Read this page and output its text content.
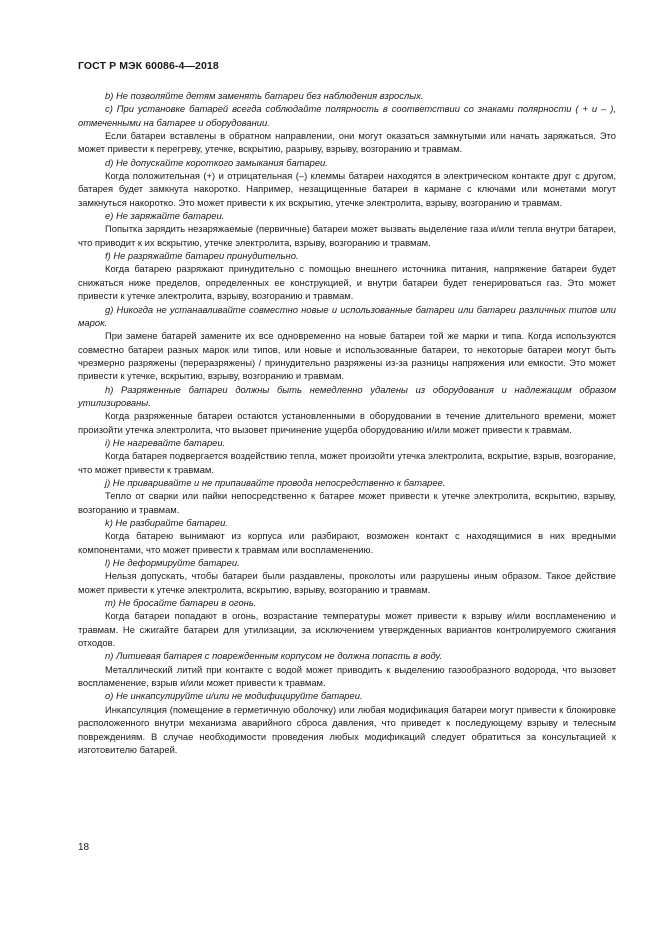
ГОСТ Р МЭК 60086-4—2018

b) Не позволяйте детям заменять батареи без наблюдения взрослых.

c) При установке батарей всегда соблюдайте полярность в соответствии со знаками полярности ( + и – ), отмеченными на батарее и оборудовании.

Если батареи вставлены в обратном направлении, они могут оказаться замкнутыми или начать заряжаться. Это может привести к перегреву, утечке, вскрытию, разрыву, взрыву, возгоранию и травмам.

d) Не допускайте короткого замыкания батареи.

Когда положительная (+) и отрицательная (–) клеммы батареи находятся в электрическом контакте друг с другом, батарея будет замкнута накоротко. Например, незащищенные батареи в кармане с ключами или монетами могут замкнуться накоротко. Это может привести к их вскрытию, утечке электролита, взрыву, возгоранию и травмам.

e) Не заряжайте батареи.

Попытка зарядить незаряжаемые (первичные) батареи может вызвать выделение газа и/или тепла внутри батареи, что приводит к их вскрытию, утечке электролита, взрыву, возгоранию и травмам.

f) Не разряжайте батареи принудительно.

Когда батарею разряжают принудительно с помощью внешнего источника питания, напряжение батареи будет снижаться ниже пределов, определенных ее конструкцией, и внутри батареи будет генерироваться газ. Это может привести к утечке электролита, взрыву, возгоранию и травмам.

g) Никогда не устанавливайте совместно новые и использованные батареи или батареи различных типов или марок.

При замене батарей замените их все одновременно на новые батареи той же марки и типа. Когда используются совместно батареи разных марок или типов, или новые и использованные батареи, то некоторые батареи могут быть чрезмерно разряжены (переразряжены) / принудительно разряжены из-за разницы напряжения или емкости. Это может привести к утечке, вскрытию, взрыву, возгоранию и травмам.

h) Разряженные батареи должны быть немедленно удалены из оборудования и надлежащим образом утилизированы.

Когда разряженные батареи остаются установленными в оборудовании в течение длительного времени, может произойти утечка электролита, что вызовет причинение ущерба оборудованию и/или может привести к травмам.

i) Не нагревайте батареи.

Когда батарея подвергается воздействию тепла, может произойти утечка электролита, вскрытие, взрыв, возгорание, что может привести к травмам.

j) Не приваривайте и не припаивайте провода непосредственно к батарее.

Тепло от сварки или пайки непосредственно к батарее может привести к утечке электролита, вскрытию, взрыву, возгоранию и травмам.

k) Не разбирайте батареи.

Когда батарею вынимают из корпуса или разбирают, возможен контакт с находящимися в них вредными компонентами, что может привести к травмам или воспламенению.

l) Не деформируйте батареи.

Нельзя допускать, чтобы батареи были раздавлены, проколоты или разрушены иным образом. Такое действие может привести к утечке электролита, вскрытию, взрыву, возгоранию и травмам.

m) Не бросайте батареи в огонь.

Когда батареи попадают в огонь, возрастание температуры может привести к взрыву и/или воспламенению и травмам. Не сжигайте батареи для утилизации, за исключением утвержденных вариантов контролируемого сжигания отходов.

n) Литиевая батарея с поврежденным корпусом не должна попасть в воду.

Металлический литий при контакте с водой может приводить к выделению газообразного водорода, что вызовет воспламенение, взрыв и/или может привести к травмам.

o) Не инкапсулируйте и/или не модифицируйте батареи.

Инкапсуляция (помещение в герметичную оболочку) или любая модификация батареи могут привести к блокировке расположенного внутри механизма аварийного сброса давления, что приведет к последующему взрыву и телесным повреждениям. В случае необходимости проведения любых модификаций следует обратиться за консультацией к изготовителю батарей.

18
